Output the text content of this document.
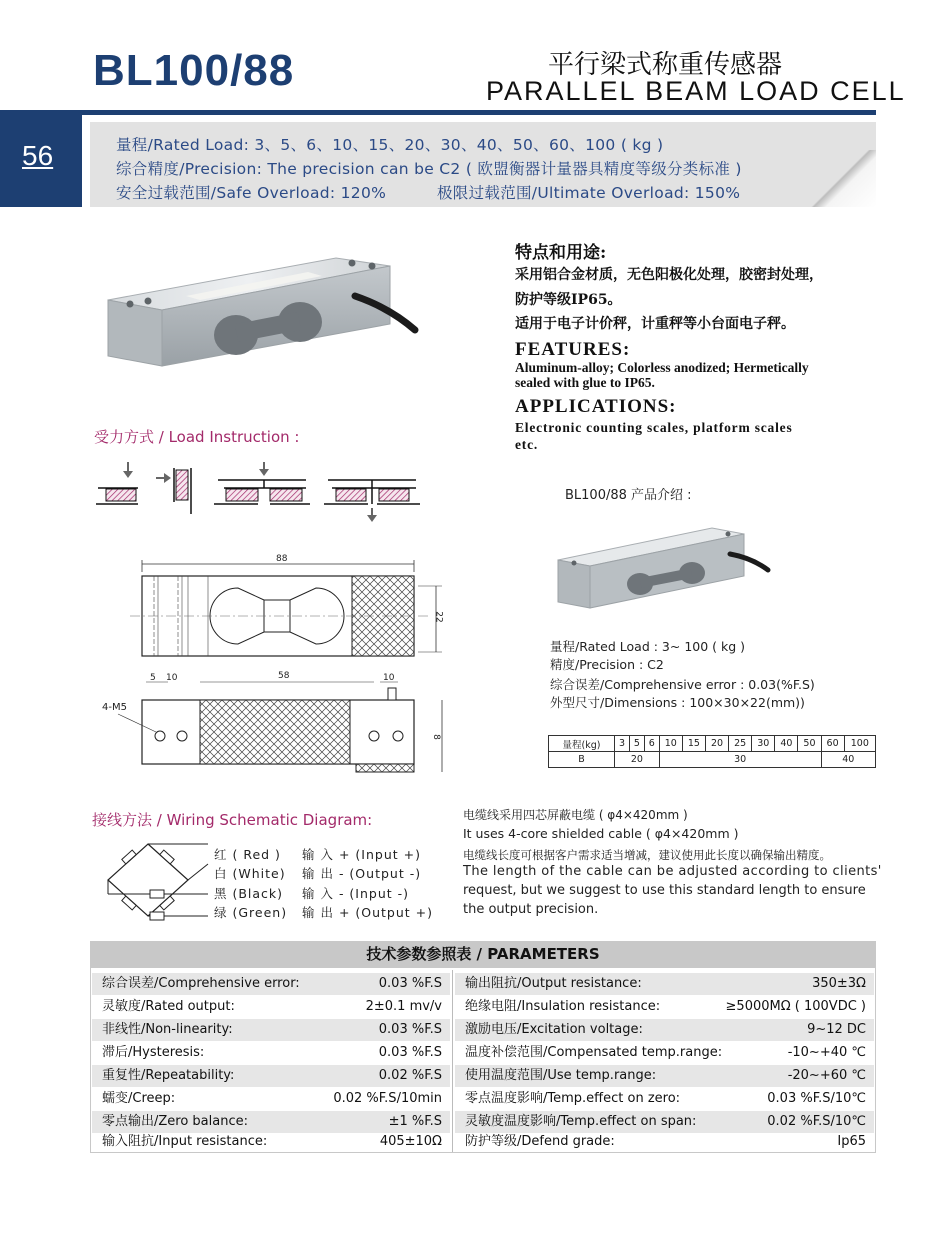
BL100/88	平行梁式称重传感器
PARALLEL BEAM LOAD CELL
56	量程/Rated Load: 3、5、6、10、15、20、30、40、50、60、100 ( kg )
综合精度/Precision: The precision can be C2 ( 欧盟衡器计量器具精度等级分类标准 )
安全过载范围/Safe Overload: 120%	极限过载范围/Ultimate Overload: 150%
特点和用途:
采用铝合金材质，无色阳极化处理，胶密封处理，
防护等级IP65。
适用于电子计价秤，计重秤等小台面电子秤。
FEATURES:
Aluminum-alloy; Colorless anodized; Hermetically
sealed with glue to IP65.
APPLICATIONS:
Electronic counting scales, platform scales
etc.
受力方式 / Load Instruction :
88
22
5 10	58	10
8
4-M5
BL100/88 产品介绍 :
量程/Rated Load : 3~ 100 ( kg )
精度/Precision : C2
综合误差/Comprehensive error : 0.03(%F.S)
外型尺寸/Dimensions : 100×30×22(mm))
量程(kg)	3	5	6	10	15	20	25	30	40	50	60	100
B	20			30							40	
接线方法 / Wiring Schematic Diagram:
红 ( Red ) 输 入 + (Input +)
白 (White) 输 出 - (Output -)
黑 (Black) 输 入 - (Input -)
绿 (Green) 输 出 + (Output +)
电缆线采用四芯屏蔽电缆 ( φ4×420mm )
It uses 4-core shielded cable ( φ4×420mm )
电缆线长度可根据客户需求适当增减，建议使用此长度以确保输出精度。
The length of the cable can be adjusted according to clients'
request, but we suggest to use this standard length to ensure
the output precision.
技术参数参照表 / PARAMETERS
综合误差/Comprehensive error:	0.03 %F.S
灵敏度/Rated output:	2±0.1 mv/v
非线性/Non-linearity:	0.03 %F.S
滞后/Hysteresis:	0.03 %F.S
重复性/Repeatability:	0.02 %F.S
蠕变/Creep:	0.02 %F.S/10min
零点输出/Zero balance:	±1 %F.S
输入阻抗/Input resistance:	405±10Ω
输出阻抗/Output resistance:	350±3Ω
绝缘电阻/Insulation resistance:	≥5000MΩ ( 100VDC )
激励电压/Excitation voltage:	9~12 DC
温度补偿范围/Compensated temp.range:	-10~+40 ℃
使用温度范围/Use temp.range:	-20~+60 ℃
零点温度影响/Temp.effect on zero:	0.03 %F.S/10℃
灵敏度温度影响/Temp.effect on span:	0.02 %F.S/10℃
防护等级/Defend grade:	Ip65
